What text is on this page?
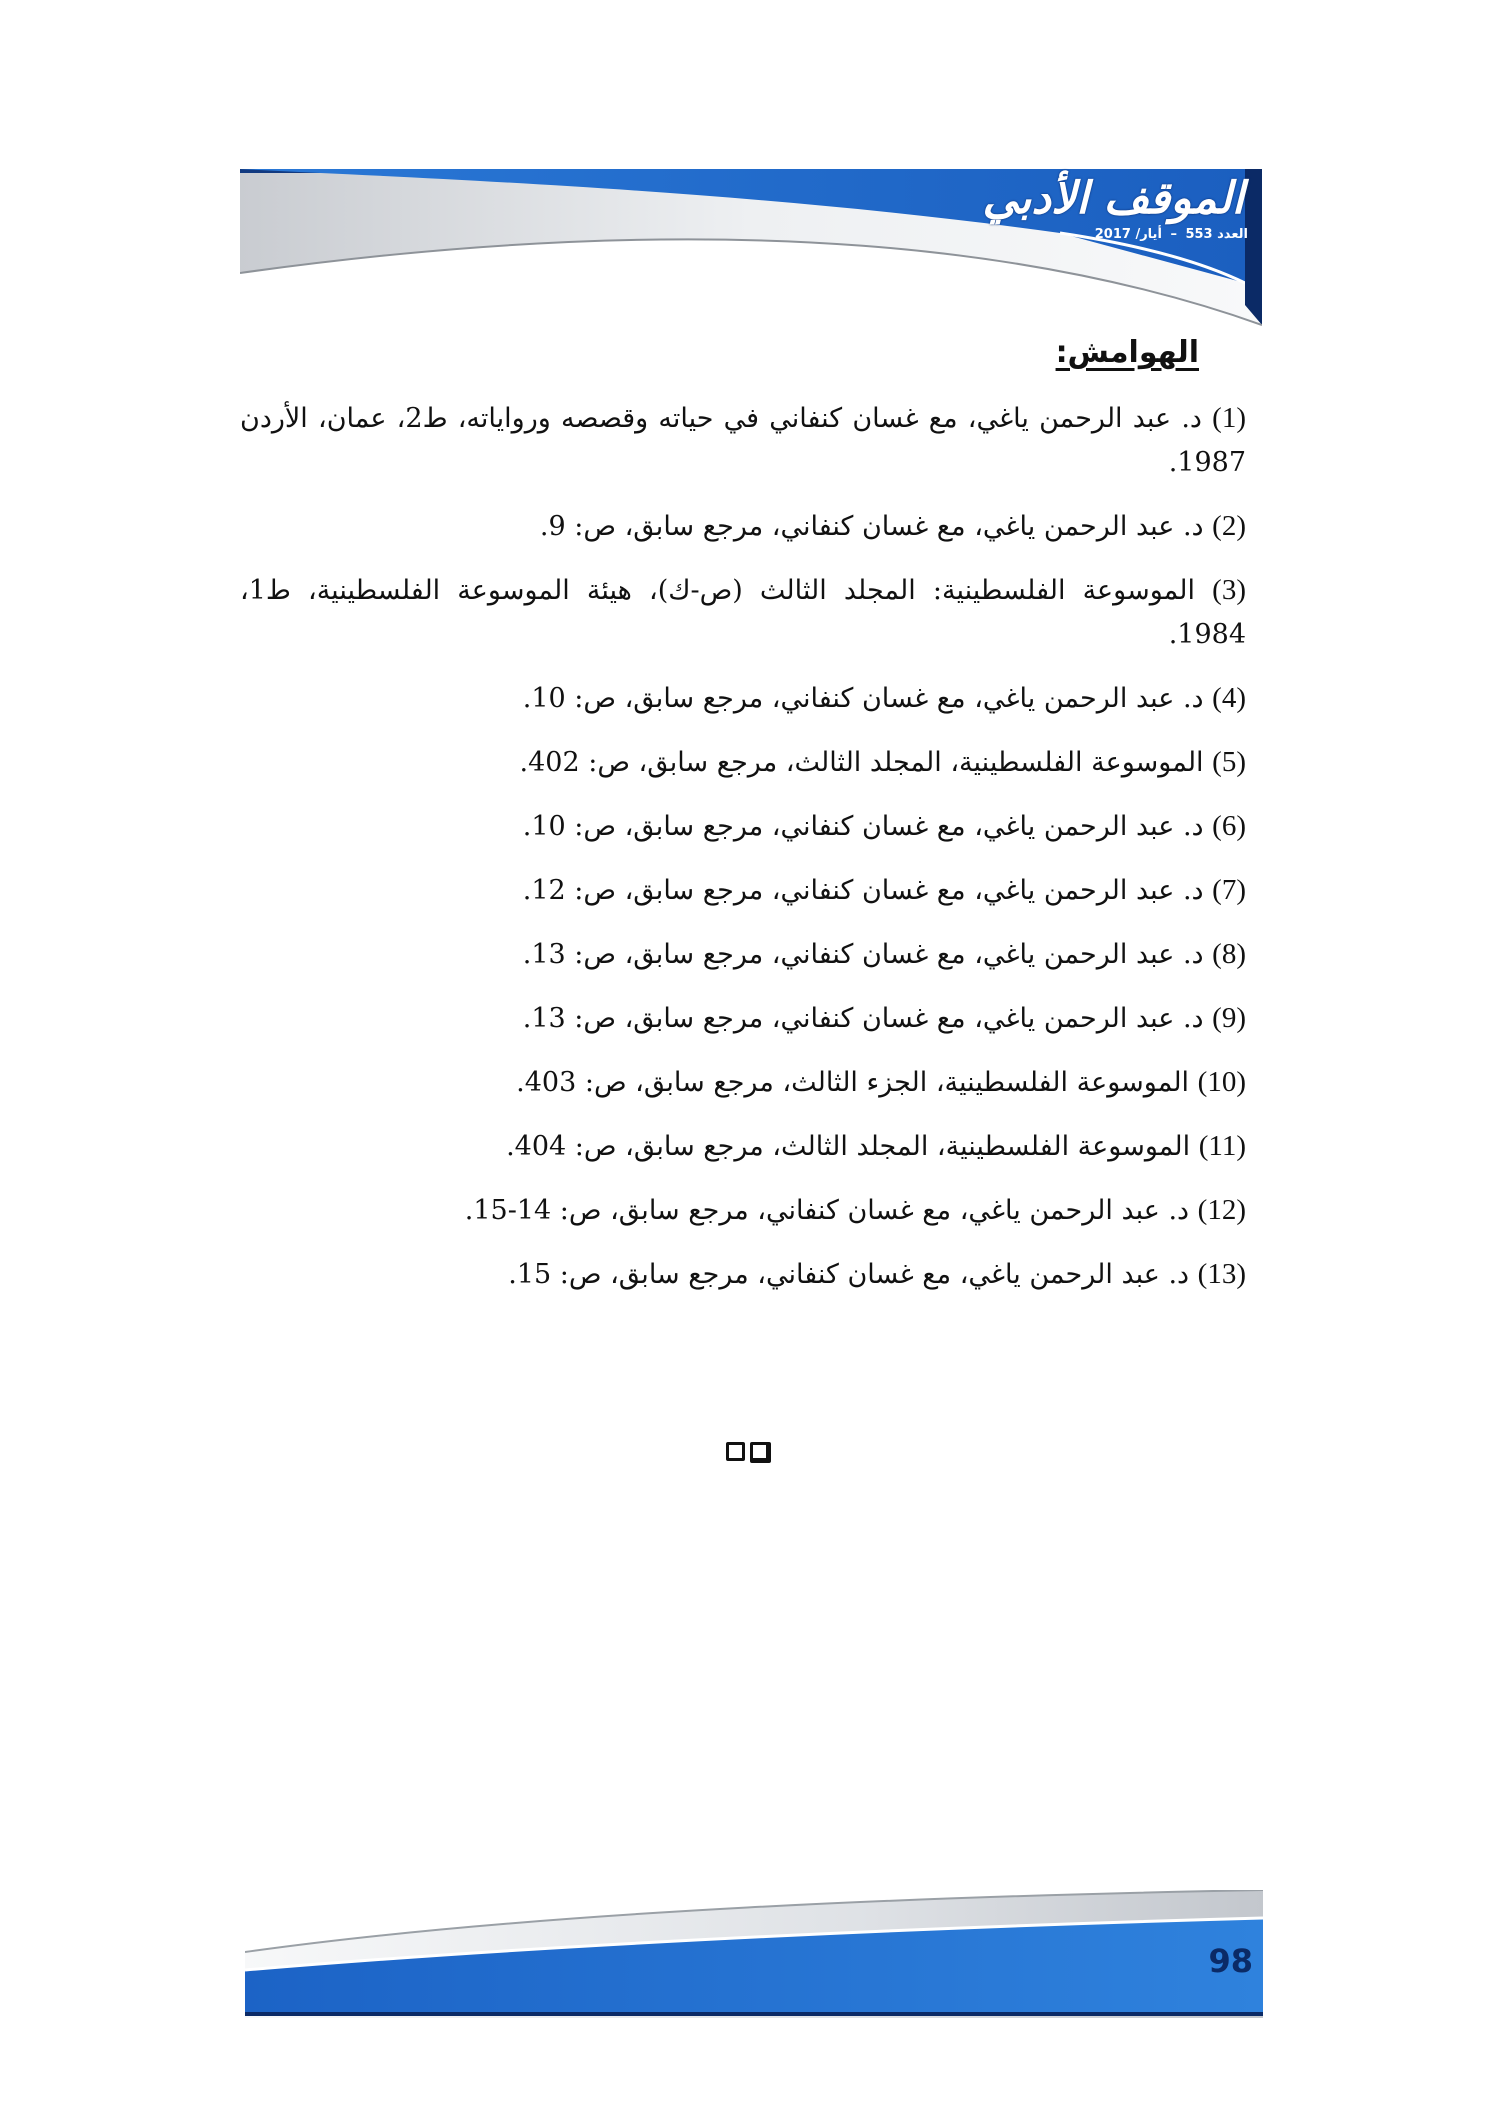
الموقف الأدبي
العدد 553 – أيار/ 2017
الهوامش:
(1) د. عبد الرحمن ياغي، مع غسان كنفاني في حياته وقصصه ورواياته، ط2، عمان، الأردن 1987.
(2) د. عبد الرحمن ياغي، مع غسان كنفاني، مرجع سابق، ص: 9.
(3) الموسوعة الفلسطينية: المجلد الثالث (ص-ك)، هيئة الموسوعة الفلسطينية، ط1، 1984.
(4) د. عبد الرحمن ياغي، مع غسان كنفاني، مرجع سابق، ص: 10.
(5) الموسوعة الفلسطينية، المجلد الثالث، مرجع سابق، ص: 402.
(6) د. عبد الرحمن ياغي، مع غسان كنفاني، مرجع سابق، ص: 10.
(7) د. عبد الرحمن ياغي، مع غسان كنفاني، مرجع سابق، ص: 12.
(8) د. عبد الرحمن ياغي، مع غسان كنفاني، مرجع سابق، ص: 13.
(9) د. عبد الرحمن ياغي، مع غسان كنفاني، مرجع سابق، ص: 13.
(10) الموسوعة الفلسطينية، الجزء الثالث، مرجع سابق، ص: 403.
(11) الموسوعة الفلسطينية، المجلد الثالث، مرجع سابق، ص: 404.
(12) د. عبد الرحمن ياغي، مع غسان كنفاني، مرجع سابق، ص: 14-15.
(13) د. عبد الرحمن ياغي، مع غسان كنفاني، مرجع سابق، ص: 15.
98
